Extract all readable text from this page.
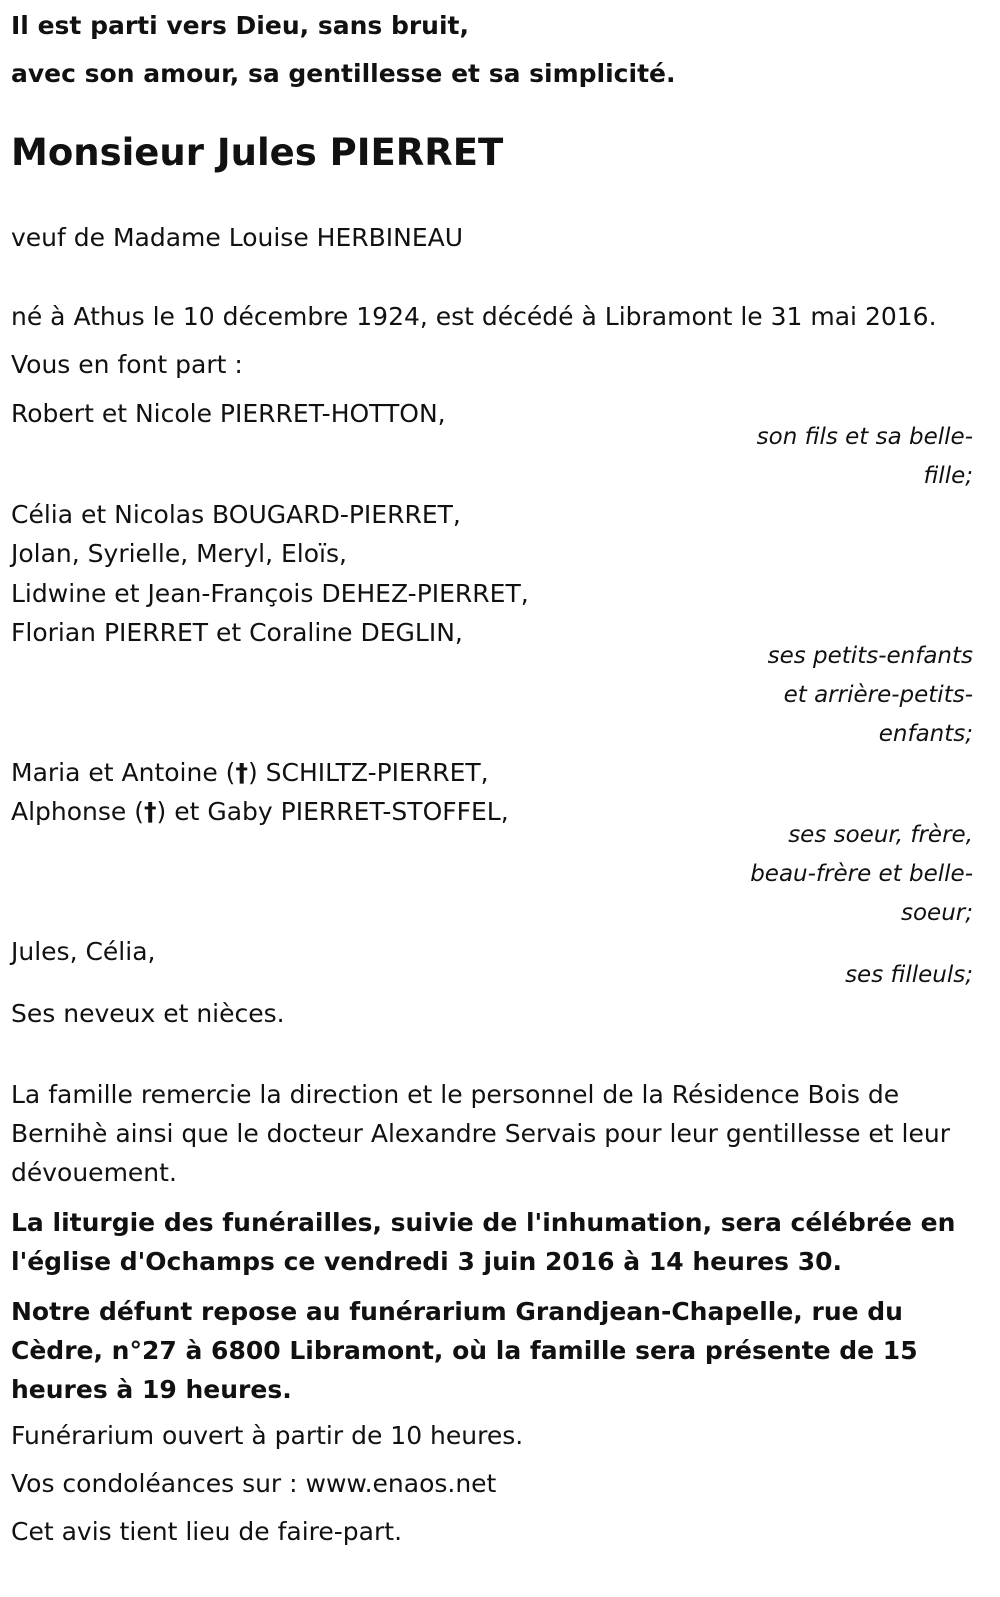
Il est parti vers Dieu, sans bruit,
avec son amour, sa gentillesse et sa simplicité.
Monsieur Jules PIERRET
veuf de Madame Louise HERBINEAU
né à Athus le 10 décembre 1924, est décédé à Libramont le 31 mai 2016.
Vous en font part :
Robert et Nicole PIERRET-HOTTON,
son fils et sa belle-
fille;
Célia et Nicolas BOUGARD-PIERRET,
Jolan, Syrielle, Meryl, Eloïs,
Lidwine et Jean-François DEHEZ-PIERRET,
Florian PIERRET et Coraline DEGLIN,
ses petits-enfants
et arrière-petits-
enfants;
Maria et Antoine (†) SCHILTZ-PIERRET,
Alphonse (†) et Gaby PIERRET-STOFFEL,
ses soeur, frère,
beau-frère et belle-
soeur;
Jules, Célia,
ses filleuls;
Ses neveux et nièces.
La famille remercie la direction et le personnel de la Résidence Bois de Bernihè ainsi que le docteur Alexandre Servais pour leur gentillesse et leur dévouement.
La liturgie des funérailles, suivie de l'inhumation, sera célébrée en l'église d'Ochamps ce vendredi 3 juin 2016 à 14 heures 30.
Notre défunt repose au funérarium Grandjean-Chapelle, rue du Cèdre, n°27 à 6800 Libramont, où la famille sera présente de 15 heures à 19 heures.
Funérarium ouvert à partir de 10 heures.
Vos condoléances sur : www.enaos.net
Cet avis tient lieu de faire-part.
